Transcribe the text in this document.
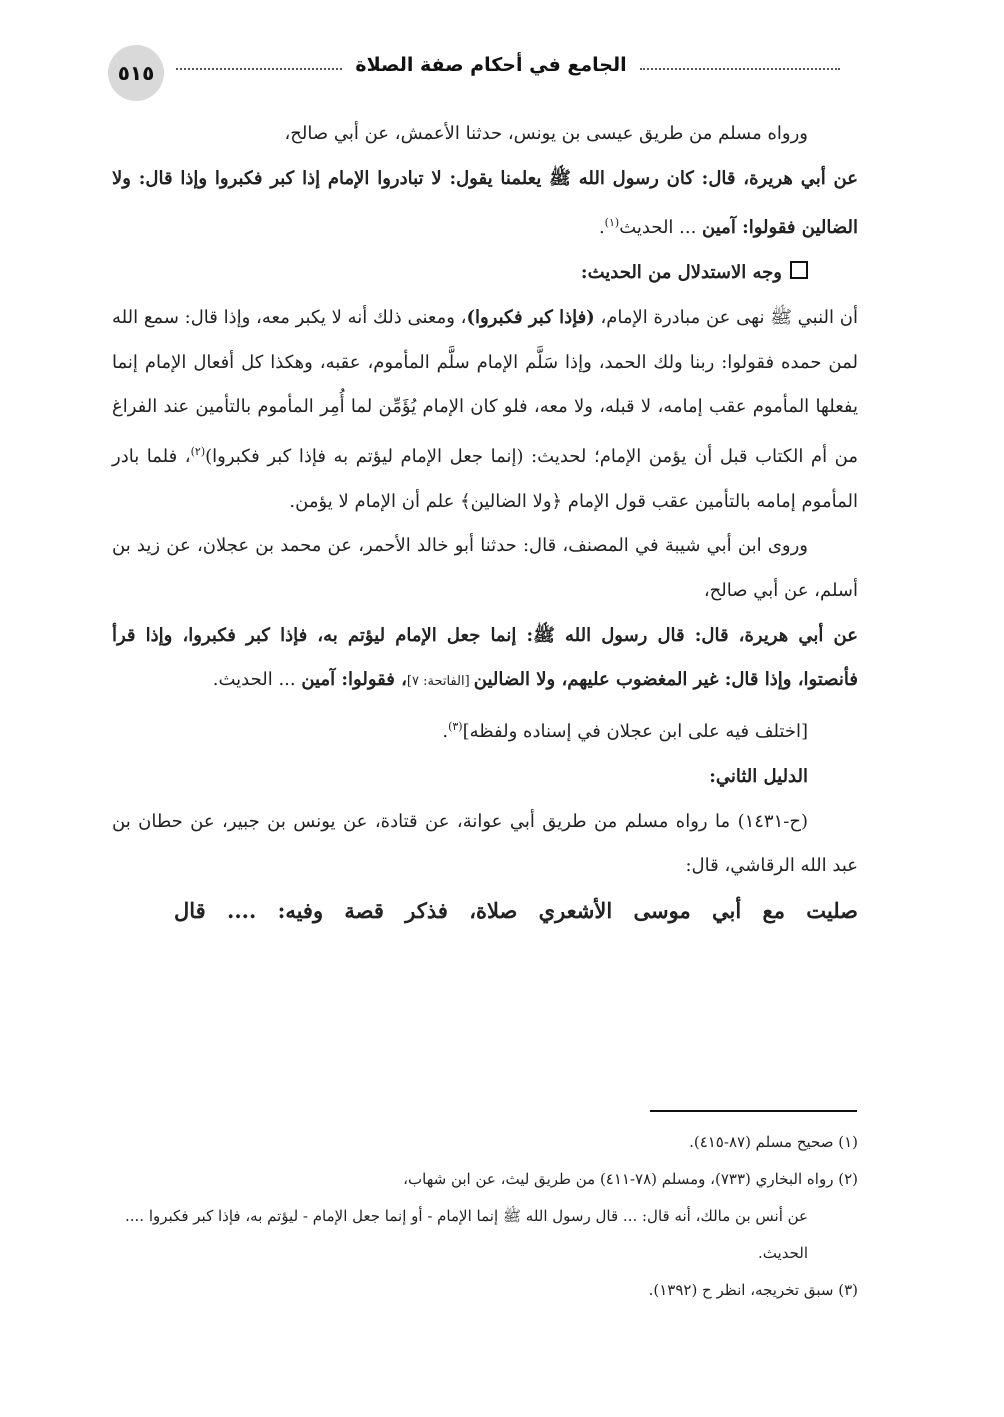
٥١٥	الجامع في أحكام صفة الصلاة

ورواه مسلم من طريق عيسى بن يونس، حدثنا الأعمش، عن أبي صالح،

عن أبي هريرة، قال: كان رسول الله ﷺ يعلمنا يقول: لا تبادروا الإمام إذا كبر فكبروا وإذا قال: ولا الضالين فقولوا: آمين ... الحديث$^{(١)}$.

وجه الاستدلال من الحديث:

أن النبي ﷺ نهى عن مبادرة الإمام، (فإذا كبر فكبروا)، ومعنى ذلك أنه لا يكبر معه، وإذا قال: سمع الله لمن حمده فقولوا: ربنا ولك الحمد، وإذا سَلَّم الإمام سلَّم المأموم، عقبه، وهكذا كل أفعال الإمام إنما يفعلها المأموم عقب إمامه، لا قبله، ولا معه، فلو كان الإمام يُؤَمِّن لما أُمِر المأموم بالتأمين عند الفراغ من أم الكتاب قبل أن يؤمن الإمام؛ لحديث: (إنما جعل الإمام ليؤتم به فإذا كبر فكبروا)$^{(٢)}$، فلما بادر المأموم إمامه بالتأمين عقب قول الإمام ﴿ولا الضالين﴾ علم أن الإمام لا يؤمن.

وروى ابن أبي شيبة في المصنف، قال: حدثنا أبو خالد الأحمر، عن محمد بن عجلان، عن زيد بن أسلم، عن أبي صالح،

عن أبي هريرة، قال: قال رسول الله ﷺ: إنما جعل الإمام ليؤتم به، فإذا كبر فكبروا، وإذا قرأ فأنصتوا، وإذا قال: غير المغضوب عليهم، ولا الضالين [الفاتحة: ٧]، فقولوا: آمين ... الحديث.

[اختلف فيه على ابن عجلان في إسناده ولفظه]$^{(٣)}$.

الدليل الثاني:

(ح-١٤٣١) ما رواه مسلم من طريق أبي عوانة، عن قتادة، عن يونس بن جبير، عن حطان بن عبد الله الرقاشي، قال:

صليت مع أبي موسى الأشعري صلاة، فذكر قصة وفيه: .... قال

(١) صحيح مسلم (٨٧-٤١٥).

(٢) رواه البخاري (٧٣٣)، ومسلم (٧٨-٤١١) من طريق ليث، عن ابن شهاب،

عن أنس بن مالك، أنه قال: ... قال رسول الله ﷺ إنما الإمام - أو إنما جعل الإمام - ليؤتم به، فإذا كبر فكبروا .... الحديث.

(٣) سبق تخريجه، انظر ح (١٣٩٢).
